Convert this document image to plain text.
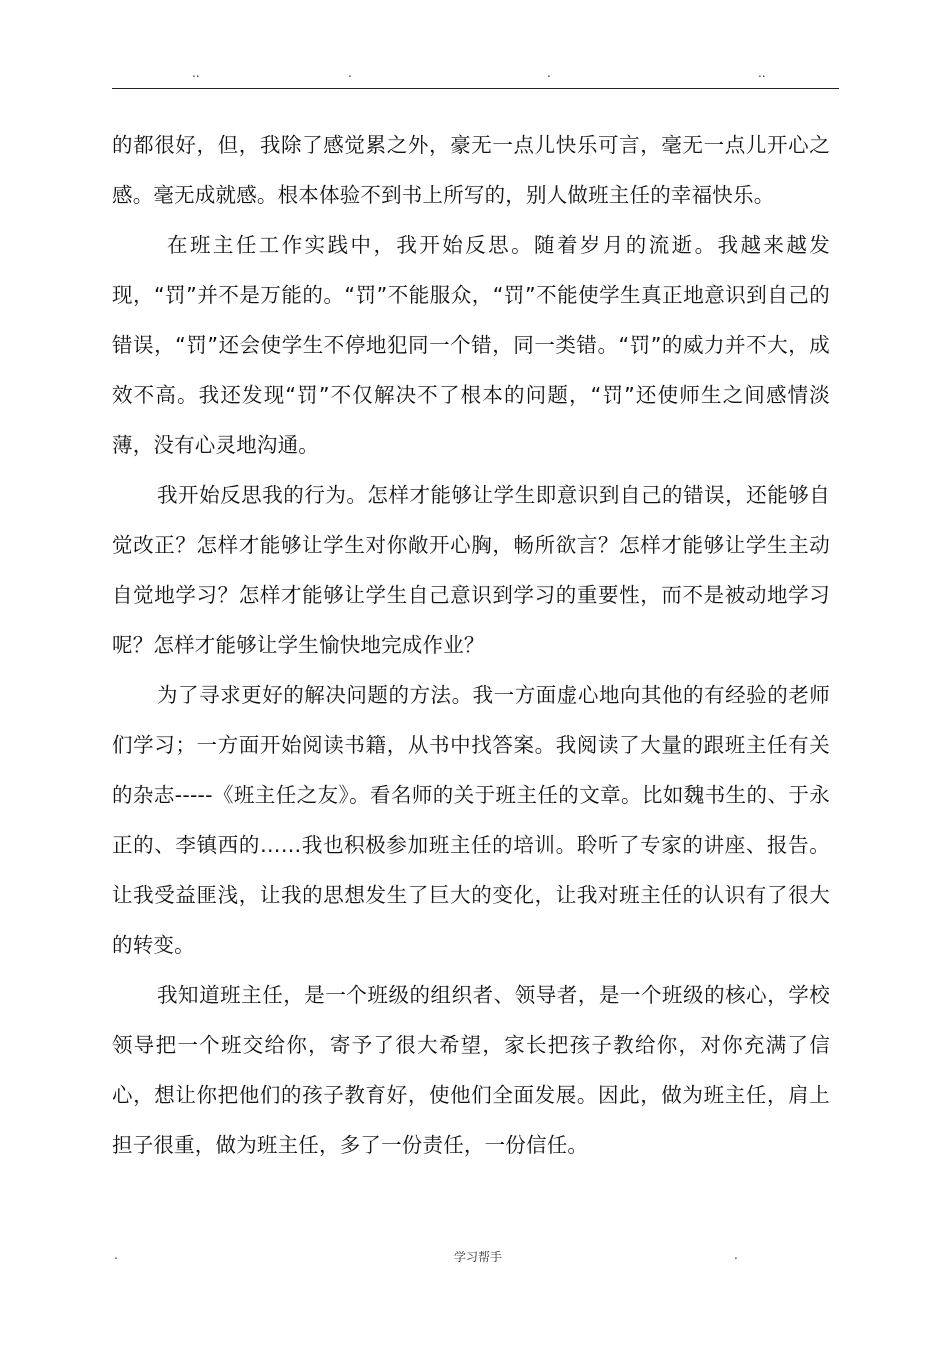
..	.	.	..

的都很好，但，我除了感觉累之外，豪无一点儿快乐可言，毫无一点儿开心之感。毫无成就感。根本体验不到书上所写的，别人做班主任的幸福快乐。

在班主任工作实践中，我开始反思。随着岁月的流逝。我越来越发现，“罚”并不是万能的。“罚”不能服众，“罚”不能使学生真正地意识到自己的错误，“罚”还会使学生不停地犯同一个错，同一类错。“罚”的威力并不大，成效不高。我还发现“罚”不仅解决不了根本的问题，“罚”还使师生之间感情淡薄，没有心灵地沟通。

我开始反思我的行为。怎样才能够让学生即意识到自己的错误，还能够自觉改正？怎样才能够让学生对你敞开心胸，畅所欲言？怎样才能够让学生主动自觉地学习？怎样才能够让学生自己意识到学习的重要性，而不是被动地学习呢？怎样才能够让学生愉快地完成作业？

为了寻求更好的解决问题的方法。我一方面虚心地向其他的有经验的老师们学习；一方面开始阅读书籍，从书中找答案。我阅读了大量的跟班主任有关的杂志-----《班主任之友》。看名师的关于班主任的文章。比如魏书生的、于永正的、李镇西的……我也积极参加班主任的培训。聆听了专家的讲座、报告。让我受益匪浅，让我的思想发生了巨大的变化，让我对班主任的认识有了很大的转变。

我知道班主任，是一个班级的组织者、领导者，是一个班级的核心，学校领导把一个班交给你，寄予了很大希望，家长把孩子教给你，对你充满了信心，想让你把他们的孩子教育好，使他们全面发展。因此，做为班主任，肩上担子很重，做为班主任，多了一份责任，一份信任。

.	学习帮手	.
